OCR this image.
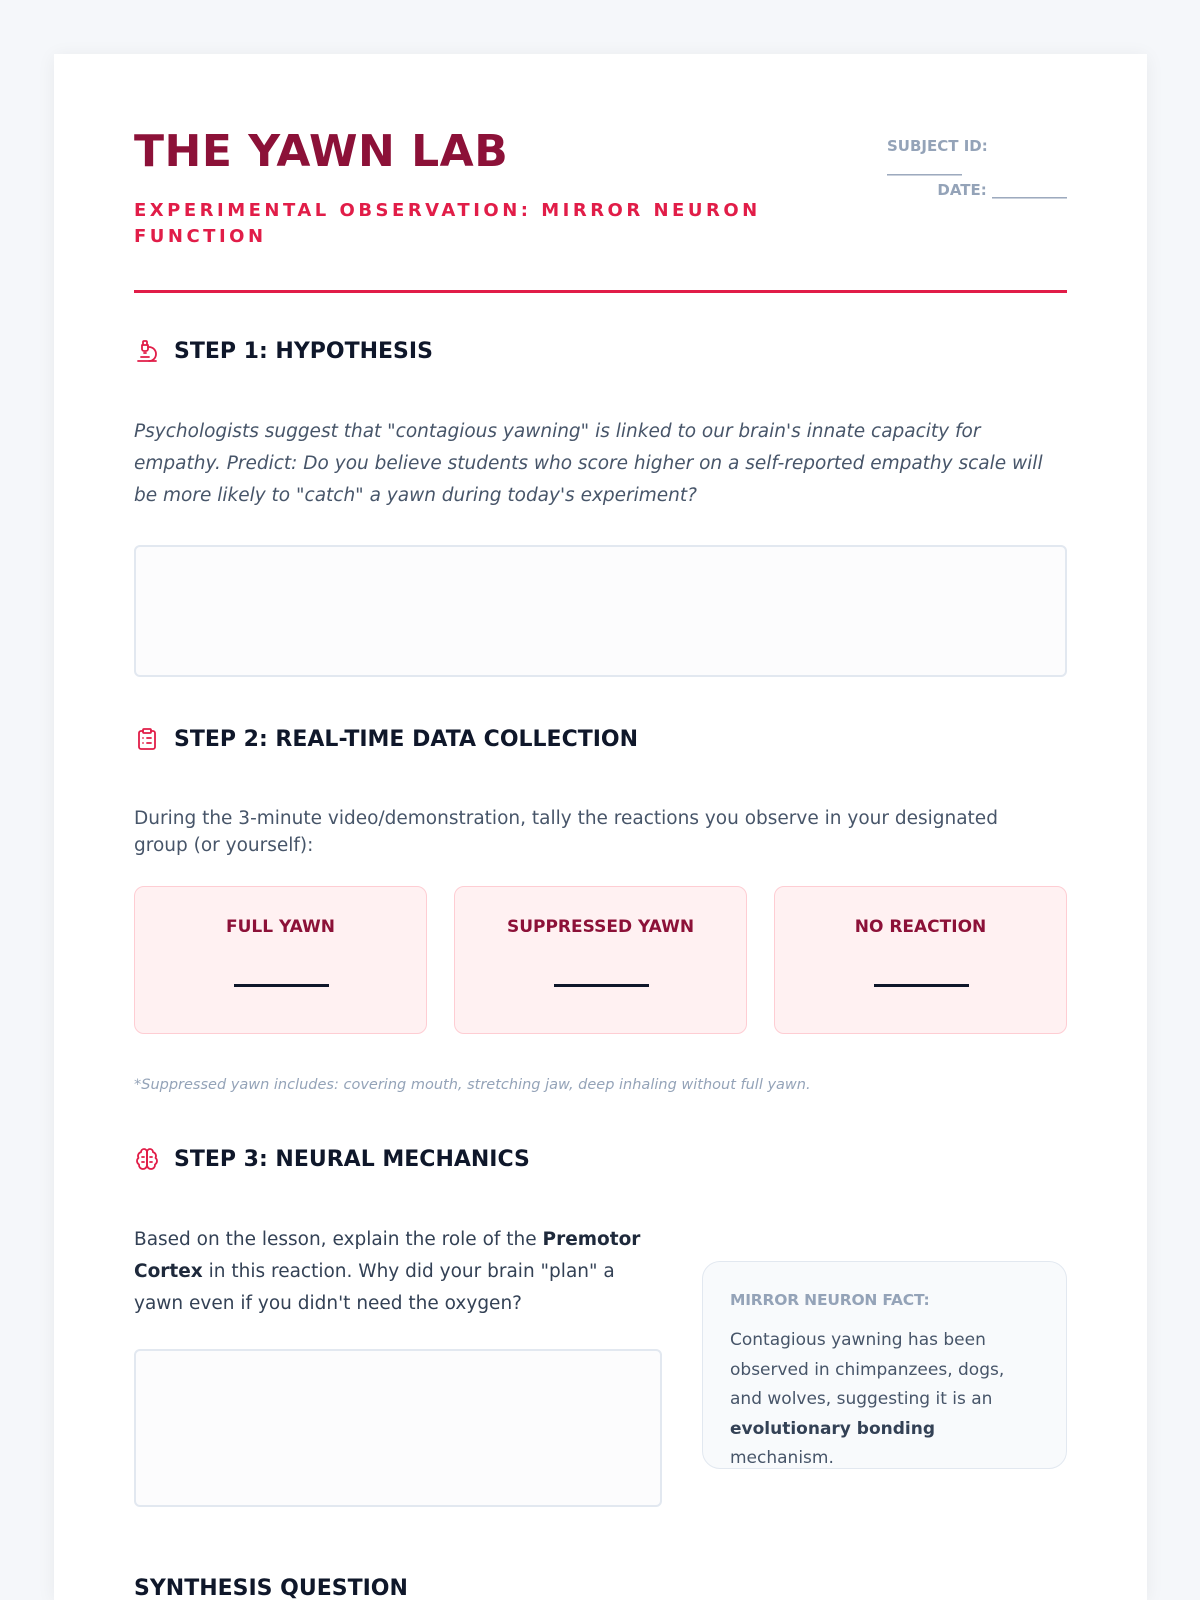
THE YAWN LAB
EXPERIMENTAL OBSERVATION: MIRROR NEURON FUNCTION
SUBJECT ID:
__________
DATE: __________
STEP 1: HYPOTHESIS

Psychologists suggest that "contagious yawning" is linked to our brain's innate capacity for empathy. Predict: Do you believe students who score higher on a self-reported empathy scale will be more likely to "catch" a yawn during today's experiment?

STEP 2: REAL-TIME DATA COLLECTION

During the 3-minute video/demonstration, tally the reactions you observe in your designated group (or yourself):

FULL YAWN	SUPPRESSED YAWN	NO REACTION

*Suppressed yawn includes: covering mouth, stretching jaw, deep inhaling without full yawn.

STEP 3: NEURAL MECHANICS

Based on the lesson, explain the role of the Premotor Cortex in this reaction. Why did your brain "plan" a yawn even if you didn't need the oxygen?	MIRROR NEURON FACT:

Contagious yawning has been observed in chimpanzees, dogs, and wolves, suggesting it is an evolutionary bonding mechanism.

SYNTHESIS QUESTION
